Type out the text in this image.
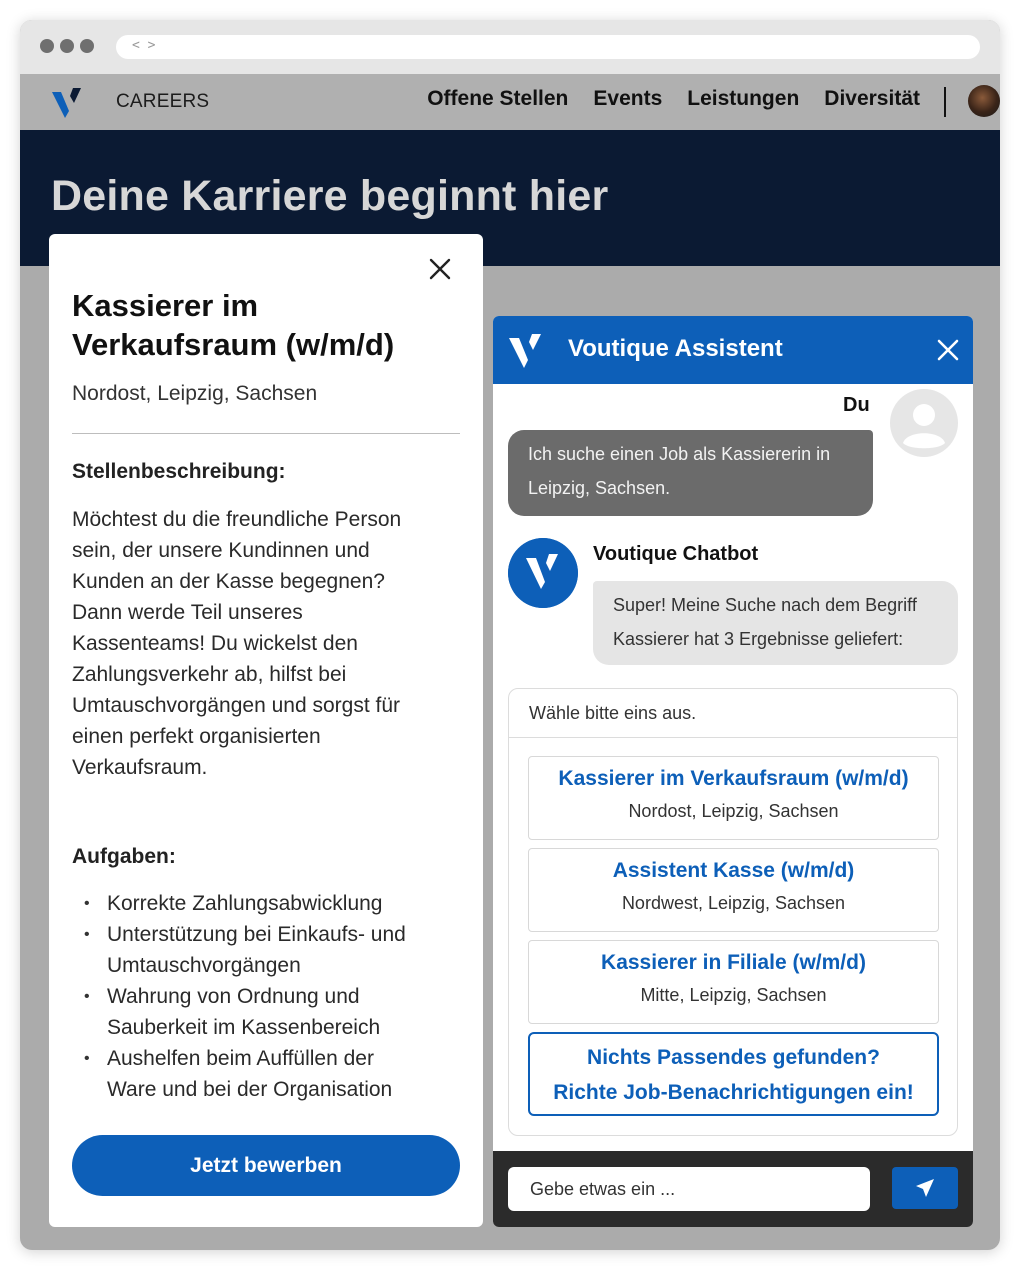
< >
CAREERS	Offene Stellen Events Leistungen Diversität
Deine Karriere beginnt hier
Kassierer im Verkaufsraum (w/m/d)
Nordost, Leipzig, Sachsen
Stellenbeschreibung:
Möchtest du die freundliche Person
sein, der unsere Kundinnen und
Kunden an der Kasse begegnen?
Dann werde Teil unseres
Kassenteams! Du wickelst den
Zahlungsverkehr ab, hilfst bei
Umtauschvorgängen und sorgst für
einen perfekt organisierten
Verkaufsraum.
Aufgaben:
• Korrekte Zahlungsabwicklung
• Unterstützung bei Einkaufs- und
Umtauschvorgängen
• Wahrung von Ordnung und
Sauberkeit im Kassenbereich
• Aushelfen beim Auffüllen der
Ware und bei der Organisation
Jetzt bewerben
Voutique Assistent
Du
Ich suche einen Job als Kassiererin in
Leipzig, Sachsen.
Voutique Chatbot
Super! Meine Suche nach dem Begriff
Kassierer hat 3 Ergebnisse geliefert:
Wähle bitte eins aus.
Kassierer im Verkaufsraum (w/m/d)
Nordost, Leipzig, Sachsen
Assistent Kasse (w/m/d)
Nordwest, Leipzig, Sachsen
Kassierer in Filiale (w/m/d)
Mitte, Leipzig, Sachsen
Nichts Passendes gefunden?
Richte Job-Benachrichtigungen ein!
Gebe etwas ein ...
